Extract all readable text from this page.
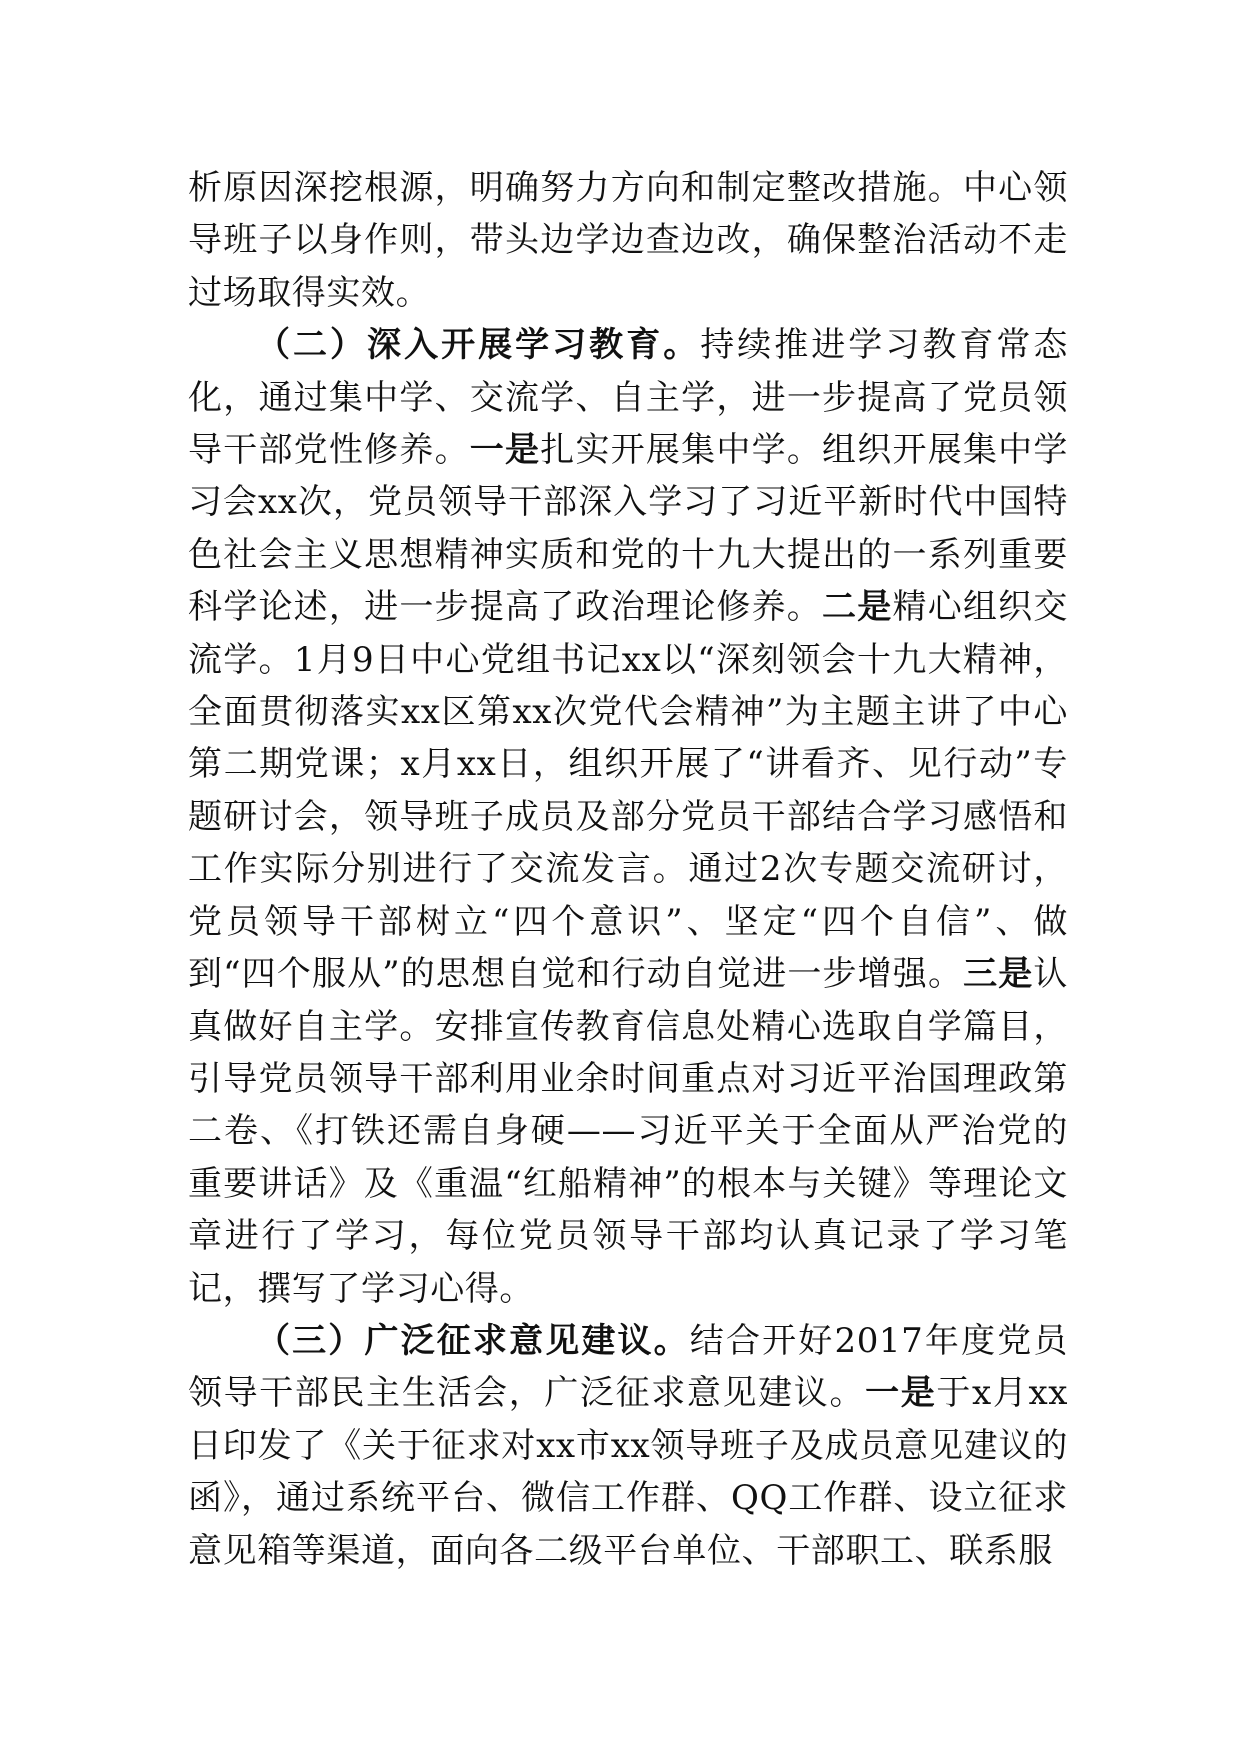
析原因深挖根源，明确努力方向和制定整改措施。中心领导班子以身作则，带头边学边查边改，确保整治活动不走过场取得实效。

（二）深入开展学习教育。持续推进学习教育常态化，通过集中学、交流学、自主学，进一步提高了党员领导干部党性修养。一是扎实开展集中学。组织开展集中学习会xx次，党员领导干部深入学习了习近平新时代中国特色社会主义思想精神实质和党的十九大提出的一系列重要科学论述，进一步提高了政治理论修养。二是精心组织交流学。1月9日中心党组书记xx以“深刻领会十九大精神，全面贯彻落实xx区第xx次党代会精神”为主题主讲了中心第二期党课；x月xx日，组织开展了“讲看齐、见行动”专题研讨会，领导班子成员及部分党员干部结合学习感悟和工作实际分别进行了交流发言。通过2次专题交流研讨，党员领导干部树立“四个意识”、坚定“四个自信”、做到“四个服从”的思想自觉和行动自觉进一步增强。三是认真做好自主学。安排宣传教育信息处精心选取自学篇目，引导党员领导干部利用业余时间重点对习近平治国理政第二卷、《打铁还需自身硬——习近平关于全面从严治党的重要讲话》及《重温“红船精神”的根本与关键》等理论文章进行了学习，每位党员领导干部均认真记录了学习笔记，撰写了学习心得。

（三）广泛征求意见建议。结合开好2017年度党员领导干部民主生活会，广泛征求意见建议。一是于x月xx日印发了《关于征求对xx市xx领导班子及成员意见建议的函》，通过系统平台、微信工作群、QQ工作群、设立征求意见箱等渠道，面向各二级平台单位、干部职工、联系服
